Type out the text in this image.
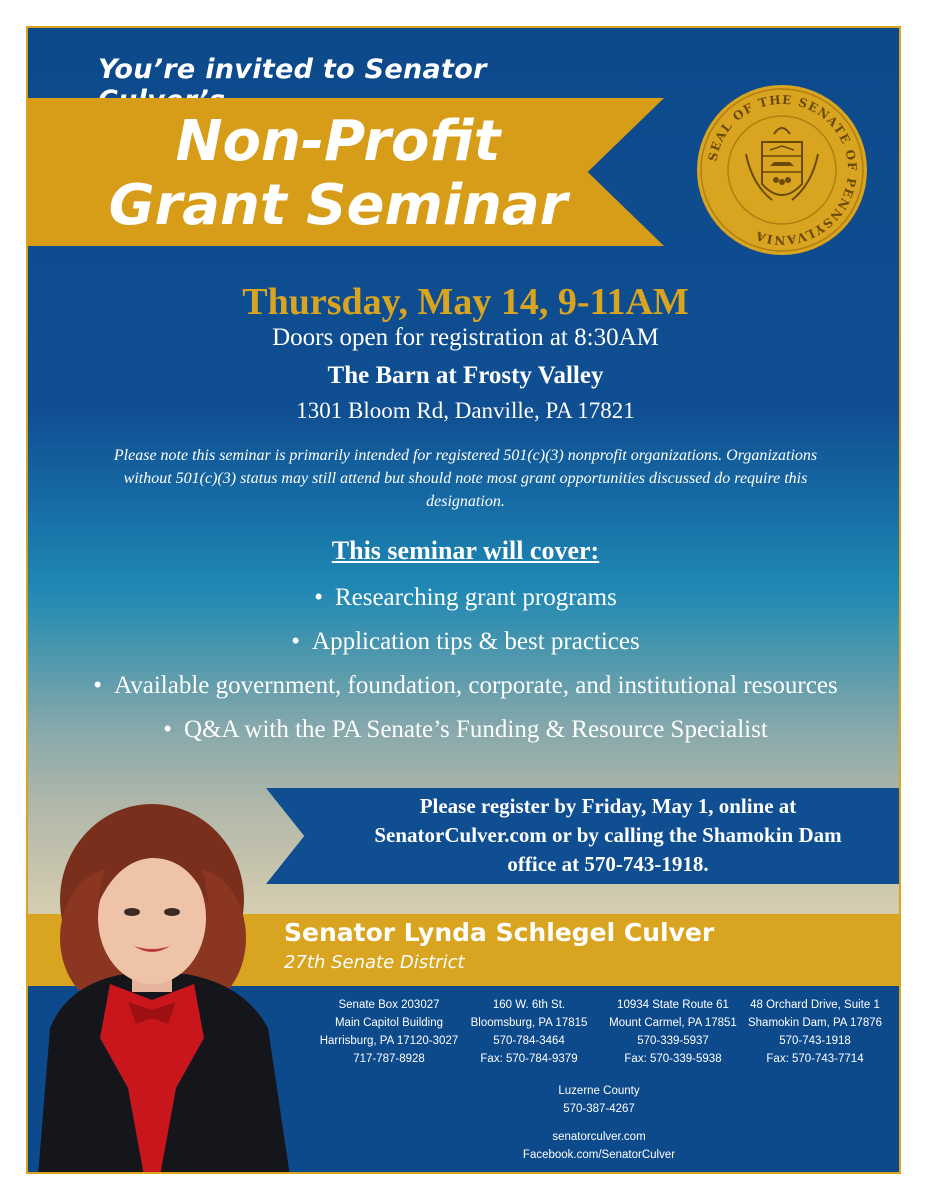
You’re invited to Senator
Non-Profit
Grant Seminar
SEAL OF THE SENATE OF PENNSYLVANIA
Thursday, May 14, 9-11AM
Doors open for registration at 8:30AM
The Barn at Frosty Valley
1301 Bloom Rd, Danville, PA 17821
Please note this seminar is primarily intended for registered 501(c)(3) nonprofit organizations. Organizations without 501(c)(3) status may still attend but should note most grant opportunities discussed do require this designation.
This seminar will cover:
• Researching grant programs
• Application tips & best practices
• Available government, foundation, corporate, and institutional resources
• Q&A with the PA Senate’s Funding & Resource Specialist
Please register by Friday, May 1, online at
SenatorCulver.com or by calling the Shamokin Dam
office at 570-743-1918.
Senator Lynda Schlegel Culver
27th Senate District
Senate Box 203027
Main Capitol Building
Harrisburg, PA 17120-3027
717-787-8928
160 W. 6th St.
Bloomsburg, PA 17815
570-784-3464
Fax: 570-784-9379
10934 State Route 61
Mount Carmel, PA 17851
570-339-5937
Fax: 570-339-5938
48 Orchard Drive, Suite 1
Shamokin Dam, PA 17876
570-743-1918
Fax: 570-743-7714
Luzerne County
570-387-4267
senatorculver.com
Facebook.com/SenatorCulver
